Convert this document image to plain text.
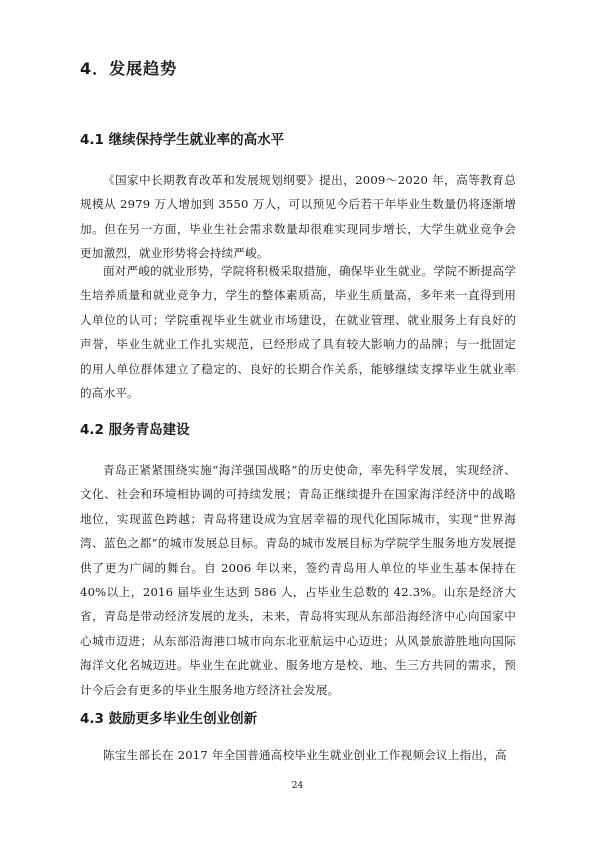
4．发展趋势
4.1 继续保持学生就业率的高水平

《国家中长期教育改革和发展规划纲要》提出，2009～2020 年，高等教育总规模从 2979 万人增加到 3550 万人，可以预见今后若干年毕业生数量仍将逐渐增加。但在另一方面，毕业生社会需求数量却很难实现同步增长，大学生就业竞争会更加激烈，就业形势将会持续严峻。

面对严峻的就业形势，学院将积极采取措施，确保毕业生就业。学院不断提高学生培养质量和就业竞争力，学生的整体素质高，毕业生质量高，多年来一直得到用人单位的认可；学院重视毕业生就业市场建设，在就业管理、就业服务上有良好的声誉，毕业生就业工作扎实规范，已经形成了具有较大影响力的品牌；与一批固定的用人单位群体建立了稳定的、良好的长期合作关系，能够继续支撑毕业生就业率的高水平。

4.2 服务青岛建设

青岛正紧紧围绕实施“海洋强国战略”的历史使命，率先科学发展，实现经济、文化、社会和环境相协调的可持续发展；青岛正继续提升在国家海洋经济中的战略地位，实现蓝色跨越；青岛将建设成为宜居幸福的现代化国际城市，实现“世界海湾、蓝色之都”的城市发展总目标。青岛的城市发展目标为学院学生服务地方发展提供了更为广阔的舞台。自 2006 年以来，签约青岛用人单位的毕业生基本保持在40%以上，2016 届毕业生达到 586 人，占毕业生总数的 42.3%。山东是经济大省，青岛是带动经济发展的龙头，未来，青岛将实现从东部沿海经济中心向国家中心城市迈进；从东部沿海港口城市向东北亚航运中心迈进；从风景旅游胜地向国际海洋文化名城迈进。毕业生在此就业、服务地方是校、地、生三方共同的需求，预计今后会有更多的毕业生服务地方经济社会发展。

4.3 鼓励更多毕业生创业创新

陈宝生部长在 2017 年全国普通高校毕业生就业创业工作视频会议上指出，高

24
